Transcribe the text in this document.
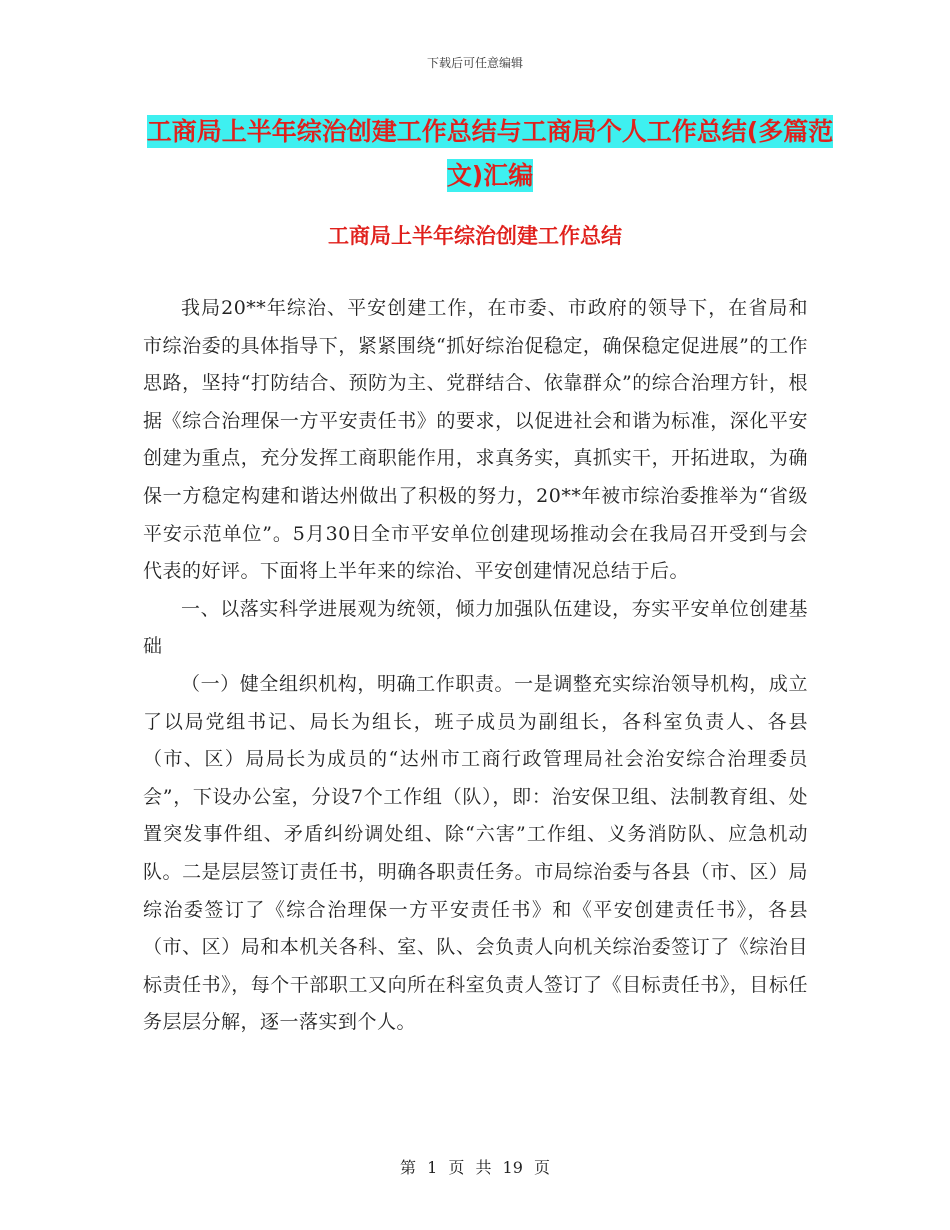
下载后可任意编辑
工商局上半年综治创建工作总结与工商局个人工作总结(多篇范文)汇编
工商局上半年综治创建工作总结

我局20**年综治、平安创建工作，在市委、市政府的领导下，在省局和市综治委的具体指导下，紧紧围绕“抓好综治促稳定，确保稳定促进展”的工作思路，坚持“打防结合、预防为主、党群结合、依靠群众”的综合治理方针，根据《综合治理保一方平安责任书》的要求，以促进社会和谐为标准，深化平安创建为重点，充分发挥工商职能作用，求真务实，真抓实干，开拓进取，为确保一方稳定构建和谐达州做出了积极的努力，20**年被市综治委推举为“省级平安示范单位”。5月30日全市平安单位创建现场推动会在我局召开受到与会代表的好评。下面将上半年来的综治、平安创建情况总结于后。

一、以落实科学进展观为统领，倾力加强队伍建设，夯实平安单位创建基础

（一）健全组织机构，明确工作职责。一是调整充实综治领导机构，成立了以局党组书记、局长为组长，班子成员为副组长，各科室负责人、各县（市、区）局局长为成员的“达州市工商行政管理局社会治安综合治理委员会”，下设办公室，分设7个工作组（队），即：治安保卫组、法制教育组、处置突发事件组、矛盾纠纷调处组、除“六害”工作组、义务消防队、应急机动队。二是层层签订责任书，明确各职责任务。市局综治委与各县（市、区）局综治委签订了《综合治理保一方平安责任书》和《平安创建责任书》，各县（市、区）局和本机关各科、室、队、会负责人向机关综治委签订了《综治目标责任书》，每个干部职工又向所在科室负责人签订了《目标责任书》，目标任务层层分解，逐一落实到个人。

第 1 页 共 19 页
